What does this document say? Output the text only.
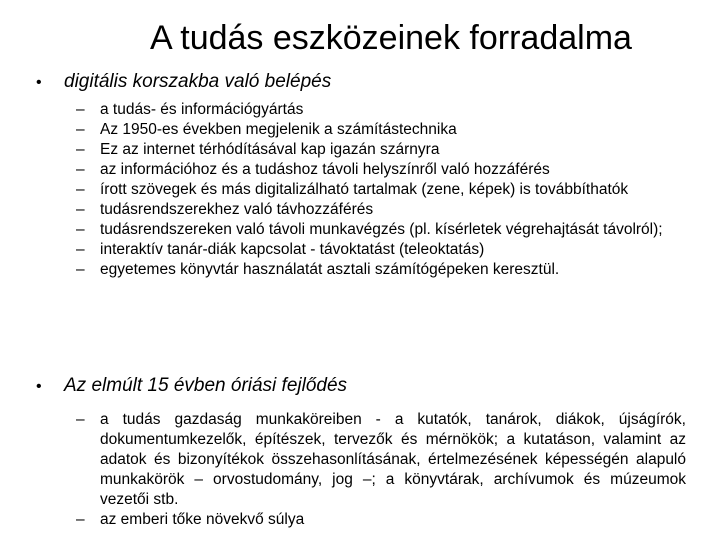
A tudás eszközeinek forradalma
•	digitális korszakba való belépés
– a tudás- és információgyártás
– Az 1950-es években megjelenik a számítástechnika
– Ez az internet térhódításával kap igazán szárnyra
– az információhoz és a tudáshoz távoli helyszínről való hozzáférés
– írott szövegek és más digitalizálható tartalmak (zene, képek) is továbbíthatók
– tudásrendszerekhez való távhozzáférés
– tudásrendszereken való távoli munkavégzés (pl. kísérletek végrehajtását távolról);
– interaktív tanár-diák kapcsolat - távoktatást (teleoktatás)
– egyetemes könyvtár használatát asztali számítógépeken keresztül.
•	Az elmúlt 15 évben óriási fejlődés
– a tudás gazdaság munkaköreiben - a kutatók, tanárok, diákok, újságírók, dokumentumkezelők, építészek, tervezők és mérnökök; a kutatáson, valamint az adatok és bizonyítékok összehasonlításának, értelmezésének képességén alapuló munkakörök – orvostudomány, jog –; a könyvtárak, archívumok és múzeumok vezetői stb.
– az emberi tőke növekvő súlya
